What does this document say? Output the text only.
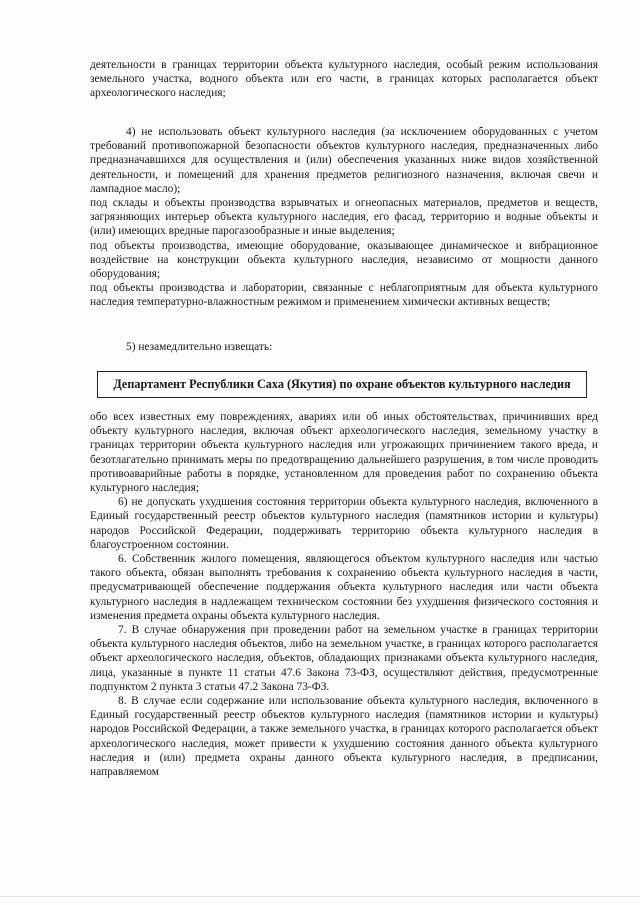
деятельности в границах территории объекта культурного наследия, особый режим использования земельного участка, водного объекта или его части, в границах которых располагается объект археологического наследия;

4) не использовать объект культурного наследия (за исключением оборудованных с учетом требований противопожарной безопасности объектов культурного наследия, предназначенных либо предназначавшихся для осуществления и (или) обеспечения указанных ниже видов хозяйственной деятельности, и помещений для хранения предметов религиозного назначения, включая свечи и лампадное масло);

под склады и объекты производства взрывчатых и огнеопасных материалов, предметов и веществ, загрязняющих интерьер объекта культурного наследия, его фасад, территорию и водные объекты и (или) имеющих вредные парогазообразные и иные выделения;

под объекты производства, имеющие оборудование, оказывающее динамическое и вибрационное воздействие на конструкции объекта культурного наследия, независимо от мощности данного оборудования;

под объекты производства и лаборатории, связанные с неблагоприятным для объекта культурного наследия температурно-влажностным режимом и применением химически активных веществ;

5) незамедлительно извещать:

Департамент Республики Саха (Якутия) по охране объектов культурного наследия

обо всех известных ему повреждениях, авариях или об иных обстоятельствах, причинивших вред объекту культурного наследия, включая объект археологического наследия, земельному участку в границах территории объекта культурного наследия или угрожающих причинением такого вреда, и безотлагательно принимать меры по предотвращению дальнейшего разрушения, в том числе проводить противоаварийные работы в порядке, установленном для проведения работ по сохранению объекта культурного наследия;

6) не допускать ухудшения состояния территории объекта культурного наследия, включенного в Единый государственный реестр объектов культурного наследия (памятников истории и культуры) народов Российской Федерации, поддерживать территорию объекта культурного наследия в благоустроенном состоянии.

6. Собственник жилого помещения, являющегося объектом культурного наследия или частью такого объекта, обязан выполнять требования к сохранению объекта культурного наследия в части, предусматривающей обеспечение поддержания объекта культурного наследия или части объекта культурного наследия в надлежащем техническом состоянии без ухудшения физического состояния и изменения предмета охраны объекта культурного наследия.

7. В случае обнаружения при проведении работ на земельном участке в границах территории объекта культурного наследия объектов, либо на земельном участке, в границах которого располагается объект археологического наследия, объектов, обладающих признаками объекта культурного наследия, лица, указанные в пункте 11 статьи 47.6 Закона 73-ФЗ, осуществляют действия, предусмотренные подпунктом 2 пункта 3 статьи 47.2 Закона 73-ФЗ.

8. В случае если содержание или использование объекта культурного наследия, включенного в Единый государственный реестр объектов культурного наследия (памятников истории и культуры) народов Российской Федерации, а также земельного участка, в границах которого располагается объект археологического наследия, может привести к ухудшению состояния данного объекта культурного наследия и (или) предмета охраны данного объекта культурного наследия, в предписании, направляемом
